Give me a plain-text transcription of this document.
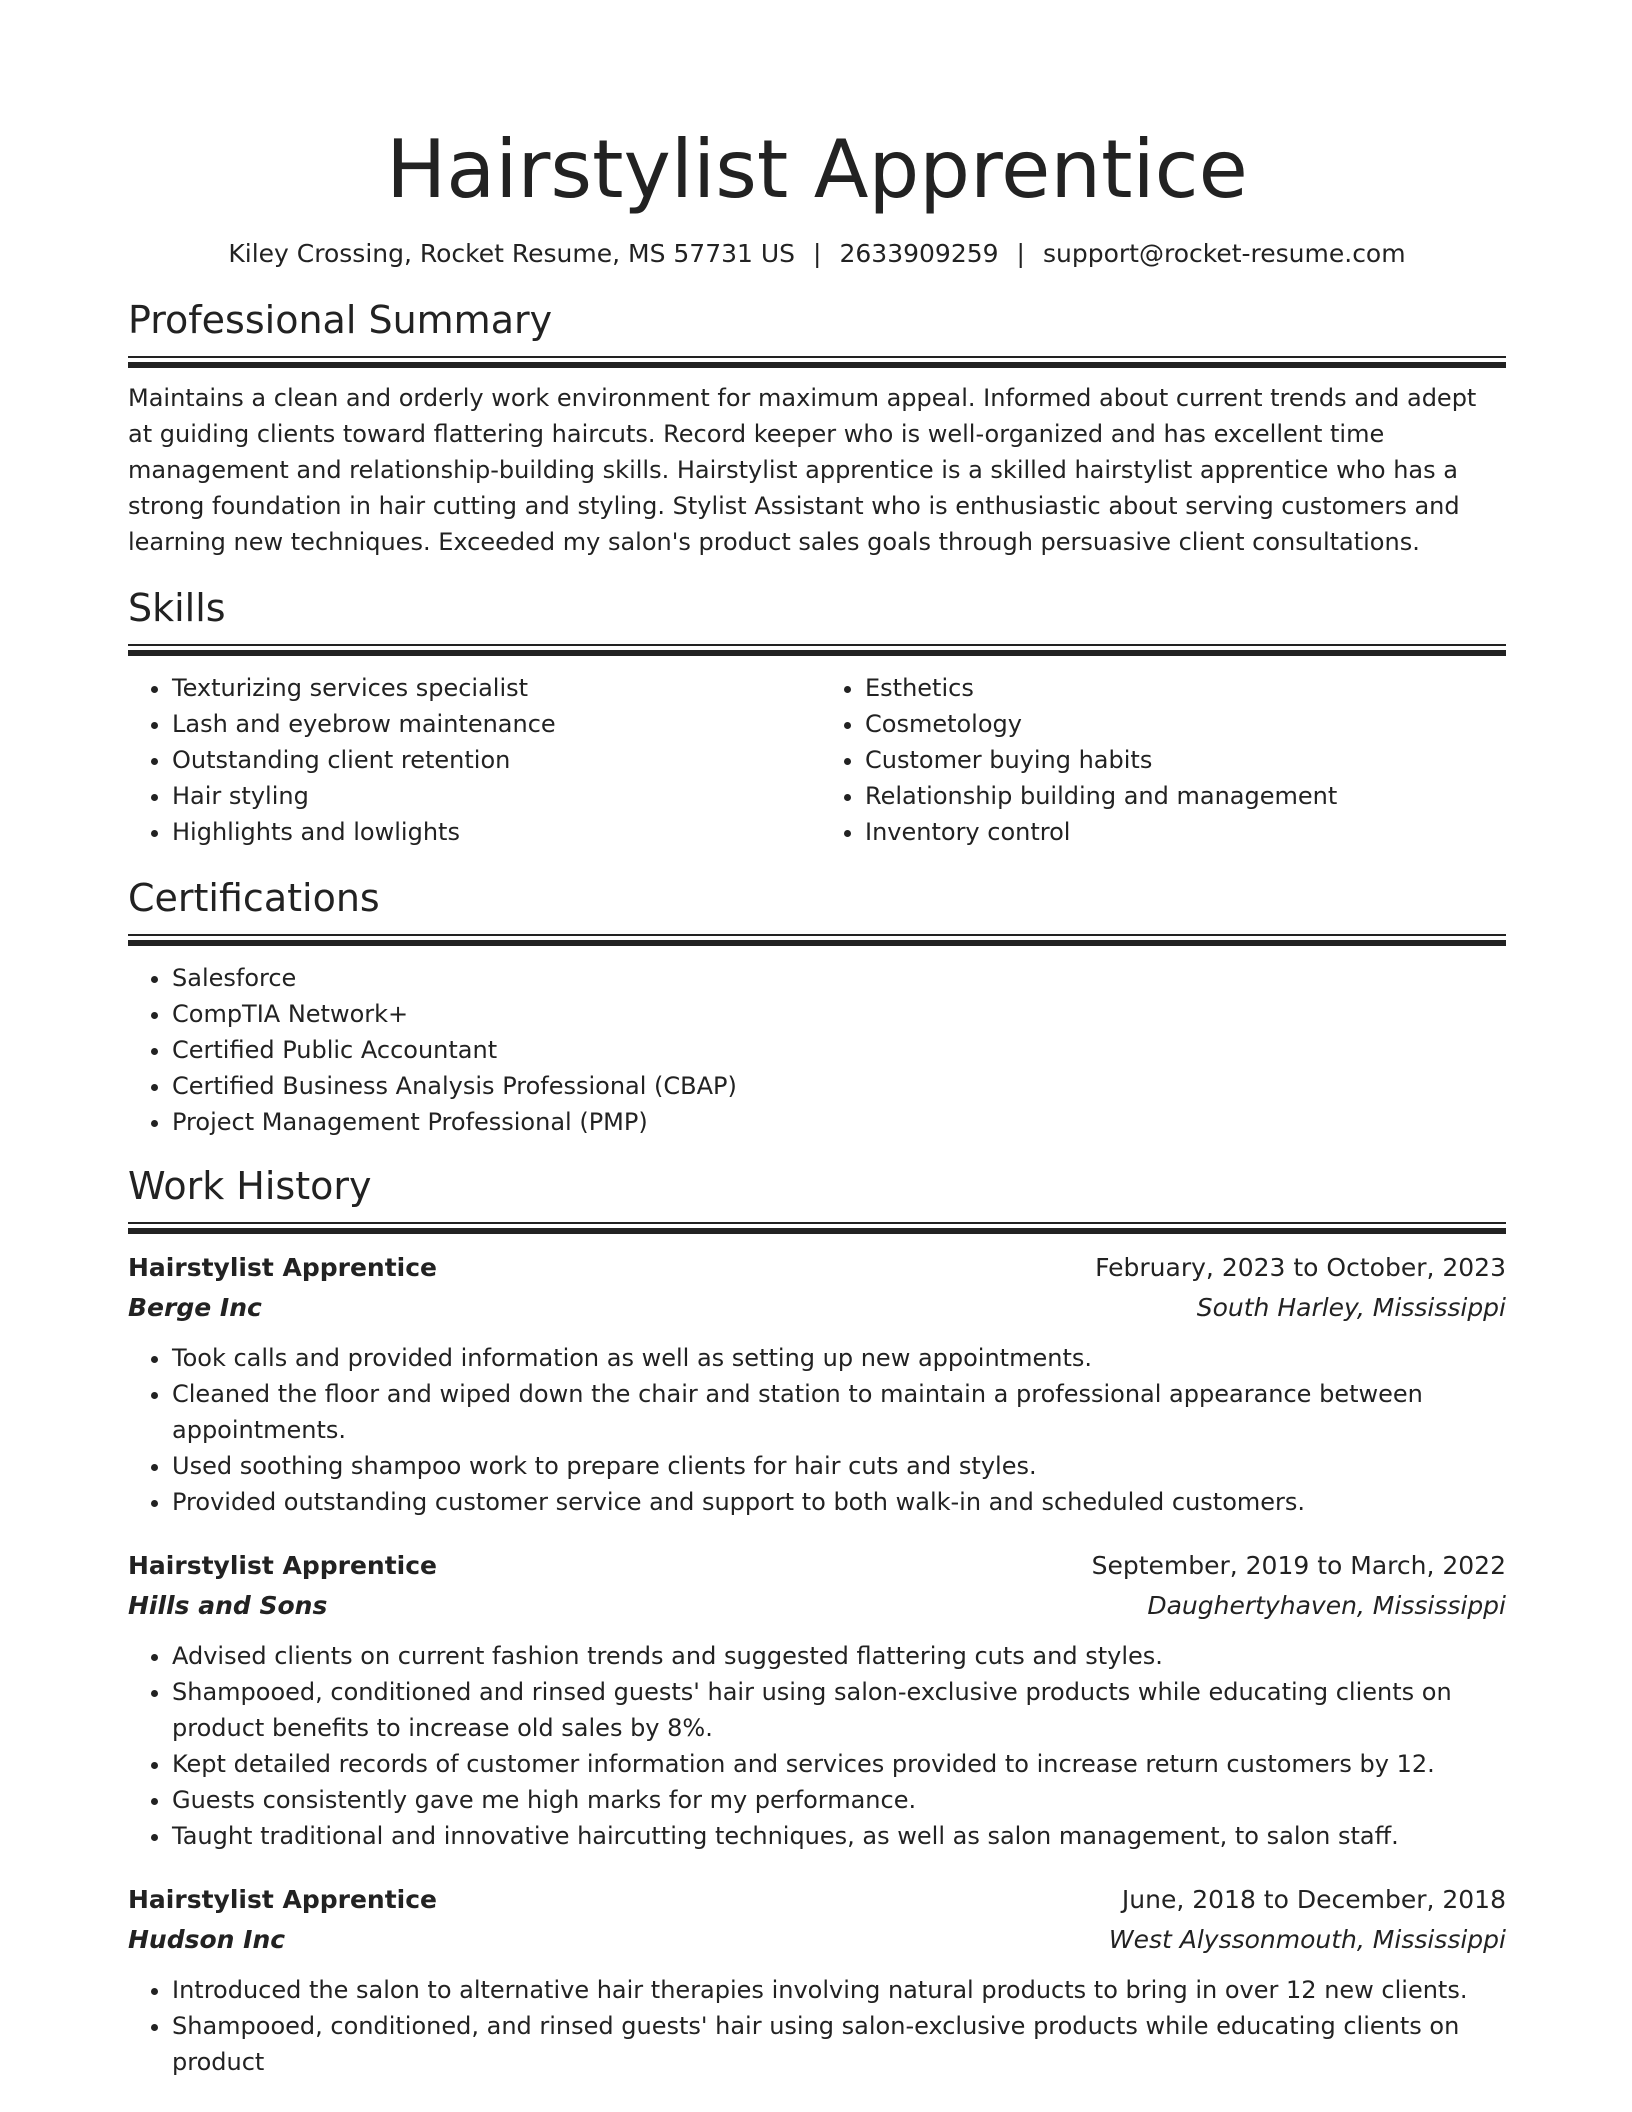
Hairstylist Apprentice
Kiley Crossing, Rocket Resume, MS 57731 US | 2633909259 | support@rocket-resume.com
Professional Summary

Maintains a clean and orderly work environment for maximum appeal. Informed about current trends and adept at guiding clients toward flattering haircuts. Record keeper who is well-organized and has excellent time management and relationship-building skills. Hairstylist apprentice is a skilled hairstylist apprentice who has a strong foundation in hair cutting and styling. Stylist Assistant who is enthusiastic about serving customers and learning new techniques. Exceeded my salon's product sales goals through persuasive client consultations.

Skills
• Texturizing services specialist
• Lash and eyebrow maintenance
• Outstanding client retention
• Hair styling
• Highlights and lowlights
• Esthetics
• Cosmetology
• Customer buying habits
• Relationship building and management
• Inventory control
Certifications
• Salesforce
• CompTIA Network+
• Certified Public Accountant
• Certified Business Analysis Professional (CBAP)
• Project Management Professional (PMP)
Work History
Hairstylist Apprentice	February, 2023 to October, 2023
Berge Inc	South Harley, Mississippi
• Took calls and provided information as well as setting up new appointments.
• Cleaned the floor and wiped down the chair and station to maintain a professional appearance between appointments.
• Used soothing shampoo work to prepare clients for hair cuts and styles.
• Provided outstanding customer service and support to both walk-in and scheduled customers.
Hairstylist Apprentice	September, 2019 to March, 2022
Hills and Sons	Daughertyhaven, Mississippi
• Advised clients on current fashion trends and suggested flattering cuts and styles.
• Shampooed, conditioned and rinsed guests' hair using salon-exclusive products while educating clients on product benefits to increase old sales by 8%.
• Kept detailed records of customer information and services provided to increase return customers by 12.
• Guests consistently gave me high marks for my performance.
• Taught traditional and innovative haircutting techniques, as well as salon management, to salon staff.
Hairstylist Apprentice	June, 2018 to December, 2018
Hudson Inc	West Alyssonmouth, Mississippi
• Introduced the salon to alternative hair therapies involving natural products to bring in over 12 new clients.
• Shampooed, conditioned, and rinsed guests' hair using salon-exclusive products while educating clients on product
